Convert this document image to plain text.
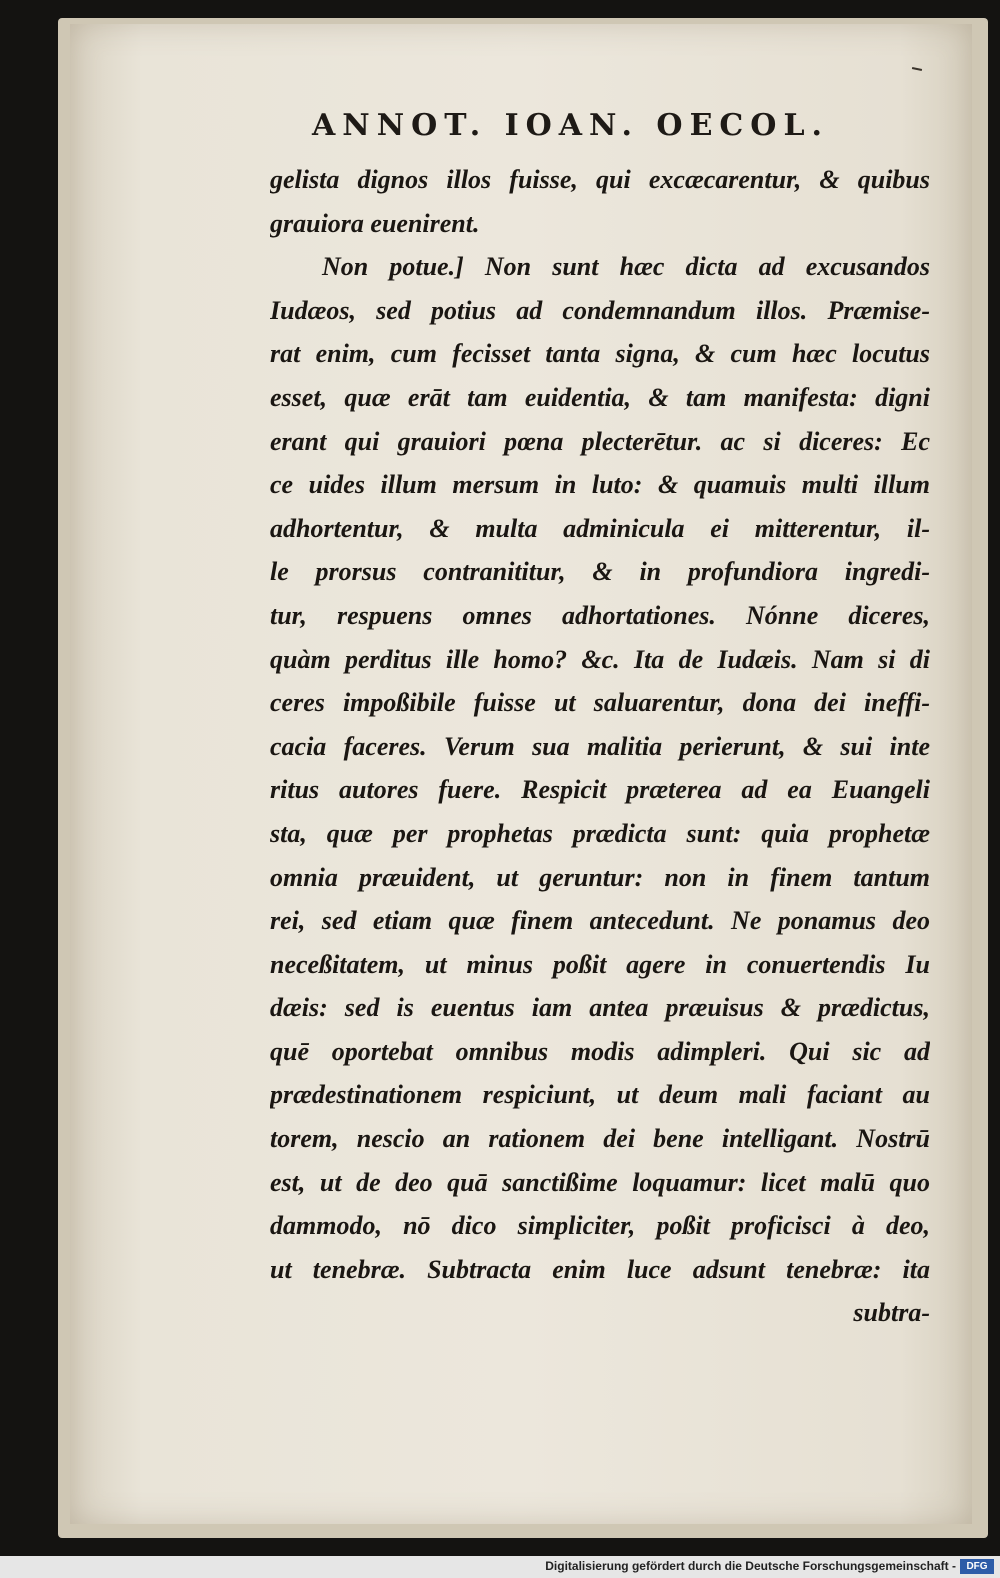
ANNOT. IOAN. OECOL.
gelista dignos illos fuisse, qui excæcarentur, & quibus
grauiora euenirent.
Non potue.] Non sunt hæc dicta ad excusandos
Iudæos, sed potius ad condemnandum illos. Præmise-
rat enim, cum fecisset tanta signa, & cum hæc locutus
esset, quæ erāt tam euidentia, & tam manifesta: digni
erant qui grauiori pœna plecterētur. ac si diceres: Ec
ce uides illum mersum in luto: & quamuis multi illum
adhortentur, & multa adminicula ei mitterentur, il-
le prorsus contranititur, & in profundiora ingredi-
tur, respuens omnes adhortationes. Nónne diceres,
quàm perditus ille homo? &c. Ita de Iudæis. Nam si di
ceres impoßibile fuisse ut saluarentur, dona dei ineffi-
cacia faceres. Verum sua malitia perierunt, & sui inte
ritus autores fuere. Respicit præterea ad ea Euangeli
sta, quæ per prophetas prædicta sunt: quia prophetæ
omnia præuident, ut geruntur: non in finem tantum
rei, sed etiam quæ finem antecedunt. Ne ponamus deo
neceßitatem, ut minus poßit agere in conuertendis Iu
dæis: sed is euentus iam antea præuisus & prædictus,
quē oportebat omnibus modis adimpleri. Qui sic ad
prædestinationem respiciunt, ut deum mali faciant au
torem, nescio an rationem dei bene intelligant. Nostrū
est, ut de deo quā sanctißime loquamur: licet malū quo
dammodo, nō dico simpliciter, poßit proficisci à deo,
ut tenebræ. Subtracta enim luce adsunt tenebræ: ita
subtra-

Digitalisierung gefördert durch die Deutsche Forschungsgemeinschaft -	DFG
